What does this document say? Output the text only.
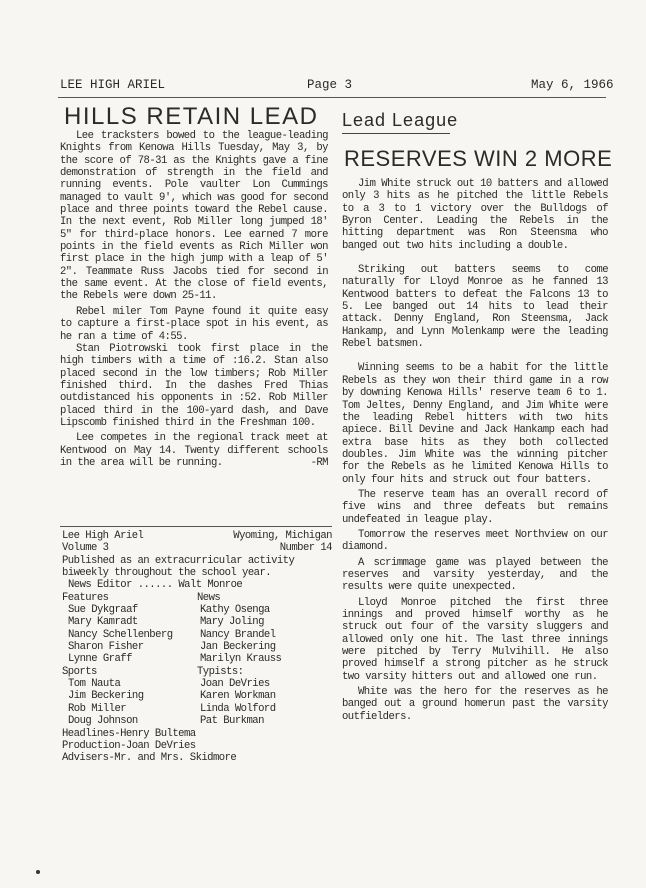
LEE HIGH ARIEL	Page 3	May 6, 1966
HILLS RETAIN LEAD

Lee tracksters bowed to the league-leading Knights from Kenowa Hills Tuesday, May 3, by the score of 78-31 as the Knights gave a fine demonstration of strength in the field and running events. Pole vaulter Lon Cummings managed to vault 9', which was good for second place and three points toward the Rebel cause. In the next event, Rob Miller long jumped 18' 5" for third-place honors. Lee earned 7 more points in the field events as Rich Miller won first place in the high jump with a leap of 5' 2". Teammate Russ Jacobs tied for second in the same event. At the close of field events, the Rebels were down 25-11.

Rebel miler Tom Payne found it quite easy to capture a first-place spot in his event, as he ran a time of 4:55.

Stan Piotrowski took first place in the high timbers with a time of :16.2. Stan also placed second in the low timbers; Rob Miller finished third. In the dashes Fred Thias outdistanced his opponents in :52. Rob Miller placed third in the 100-yard dash, and Dave Lipscomb finished third in the Freshman 100.

Lee competes in the regional track meet at Kentwood on May 14. Twenty different schools in the area will be running.	-RM
Lee High Ariel	Wyoming, Michigan
Volume 3	Number 14
Published as an extracurricular activity biweekly throughout the school year.
News Editor ...... Walt Monroe
Features	News
Sue Dykgraaf	Kathy Osenga
Mary Kamradt	Mary Joling
Nancy Schellenberg	Nancy Brandel
Sharon Fisher	Jan Beckering
Lynne Graff	Marilyn Krauss
Sports	Typists:
Tom Nauta	Joan DeVries
Jim Beckering	Karen Workman
Rob Miller	Linda Wolford
Doug Johnson	Pat Burkman
Headlines-Henry Bultema
Production-Joan DeVries
Advisers-Mr. and Mrs. Skidmore
Lead League
RESERVES WIN 2 MORE

Jim White struck out 10 batters and allowed only 3 hits as he pitched the little Rebels to a 3 to 1 victory over the Bulldogs of Byron Center. Leading the Rebels in the hitting department was Ron Steensma who banged out two hits including a double.

Striking out batters seems to come naturally for Lloyd Monroe as he fanned 13 Kentwood batters to defeat the Falcons 13 to 5. Lee banged out 14 hits to lead their attack. Denny England, Ron Steensma, Jack Hankamp, and Lynn Molenkamp were the leading Rebel batsmen.

Winning seems to be a habit for the little Rebels as they won their third game in a row by downing Kenowa Hills' reserve team 6 to 1. Tom Jeltes, Denny England, and Jim White were the leading Rebel hitters with two hits apiece. Bill Devine and Jack Hankamp each had extra base hits as they both collected doubles. Jim White was the winning pitcher for the Rebels as he limited Kenowa Hills to only four hits and struck out four batters.

The reserve team has an overall record of five wins and three defeats but remains undefeated in league play.

Tomorrow the reserves meet Northview on our diamond.

A scrimmage game was played between the reserves and varsity yesterday, and the results were quite unexpected.

Lloyd Monroe pitched the first three innings and proved himself worthy as he struck out four of the varsity sluggers and allowed only one hit. The last three innings were pitched by Terry Mulvihill. He also proved himself a strong pitcher as he struck two varsity hitters out and allowed one run.

White was the hero for the reserves as he banged out a ground homerun past the varsity outfielders.
